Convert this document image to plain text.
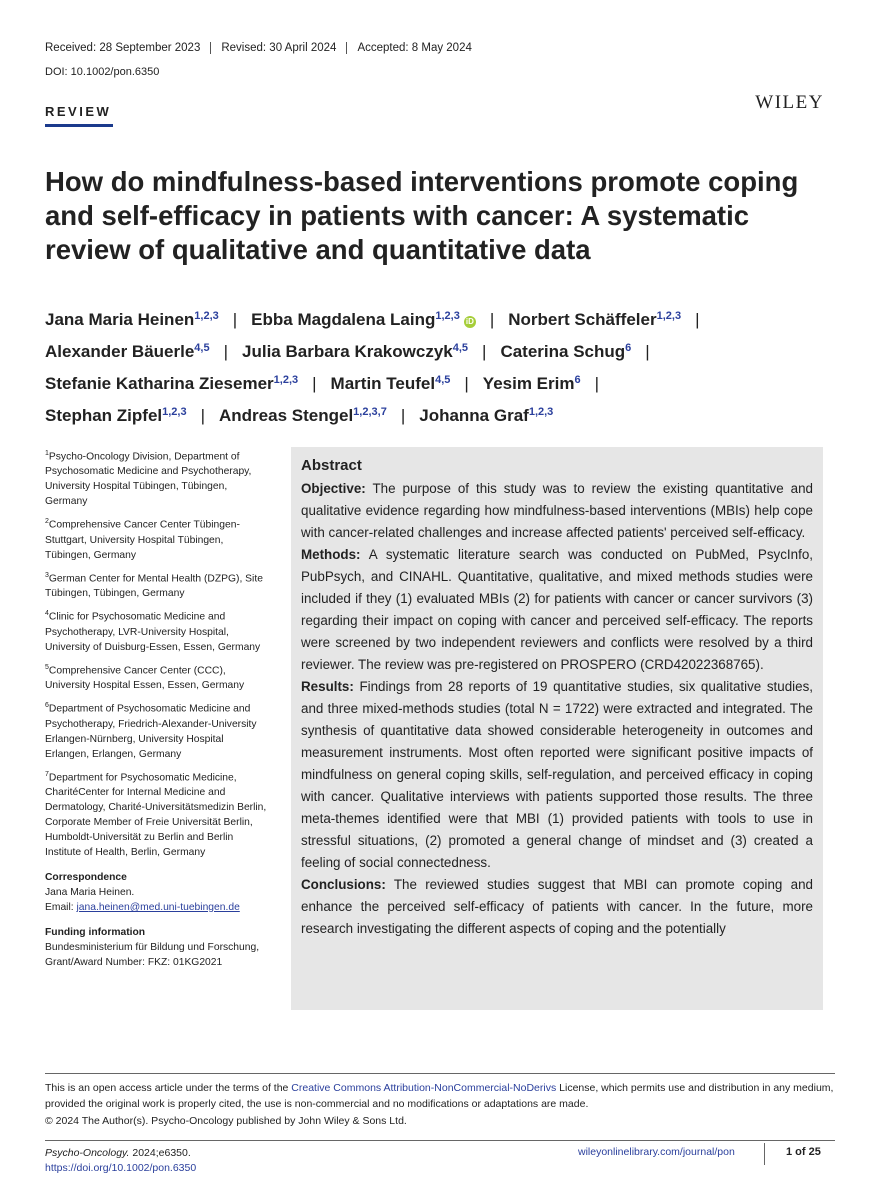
Received: 28 September 2023	Revised: 30 April 2024	Accepted: 8 May 2024
DOI: 10.1002/pon.6350
REVIEW	WILEY
How do mindfulness-based interventions promote coping and self-efficacy in patients with cancer: A systematic review of qualitative and quantitative data
Jana Maria Heinen$^{1,2,3}$ | Ebba Magdalena Laing$^{1,2,3}$ iD | Norbert Schäffeler$^{1,2,3}$ |
Alexander Bäuerle$^{4,5}$ | Julia Barbara Krakowczyk$^{4,5}$ | Caterina Schug$^6$ |
Stefanie Katharina Ziesemer$^{1,2,3}$ | Martin Teufel$^{4,5}$ | Yesim Erim$^6$ |
Stephan Zipfel$^{1,2,3}$ | Andreas Stengel$^{1,2,3,7}$ | Johanna Graf$^{1,2,3}$
$^1$Psycho-Oncology Division, Department of Psychosomatic Medicine and Psychotherapy, University Hospital Tübingen, Tübingen, Germany
$^2$Comprehensive Cancer Center Tübingen-Stuttgart, University Hospital Tübingen, Tübingen, Germany
$^3$German Center for Mental Health (DZPG), Site Tübingen, Tübingen, Germany
$^4$Clinic for Psychosomatic Medicine and Psychotherapy, LVR-University Hospital, University of Duisburg-Essen, Essen, Germany
$^5$Comprehensive Cancer Center (CCC), University Hospital Essen, Essen, Germany
$^6$Department of Psychosomatic Medicine and Psychotherapy, Friedrich-Alexander-University Erlangen-Nürnberg, University Hospital Erlangen, Erlangen, Germany
$^7$Department for Psychosomatic Medicine, CharitéCenter for Internal Medicine and Dermatology, Charité-Universitätsmedizin Berlin, Corporate Member of Freie Universität Berlin, Humboldt-Universität zu Berlin and Berlin Institute of Health, Berlin, Germany
Correspondence
Jana Maria Heinen.
Email: jana.heinen@med.uni-tuebingen.de
Funding information
Bundesministerium für Bildung und Forschung, Grant/Award Number: FKZ: 01KG2021
Abstract

Objective: The purpose of this study was to review the existing quantitative and qualitative evidence regarding how mindfulness-based interventions (MBIs) help cope with cancer-related challenges and increase affected patients' perceived self-efficacy.

Methods: A systematic literature search was conducted on PubMed, PsycInfo, PubPsych, and CINAHL. Quantitative, qualitative, and mixed methods studies were included if they (1) evaluated MBIs (2) for patients with cancer or cancer survivors (3) regarding their impact on coping with cancer and perceived self-efficacy. The reports were screened by two independent reviewers and conflicts were resolved by a third reviewer. The review was pre-registered on PROSPERO (CRD42022368765).

Results: Findings from 28 reports of 19 quantitative studies, six qualitative studies, and three mixed-methods studies (total N = 1722) were extracted and integrated. The synthesis of quantitative data showed considerable heterogeneity in outcomes and measurement instruments. Most often reported were significant positive impacts of mindfulness on general coping skills, self-regulation, and perceived efficacy in coping with cancer. Qualitative interviews with patients supported those results. The three meta-themes identified were that MBI (1) provided patients with tools to use in stressful situations, (2) promoted a general change of mindset and (3) created a feeling of social connectedness.

Conclusions: The reviewed studies suggest that MBI can promote coping and enhance the perceived self-efficacy of patients with cancer. In the future, more research investigating the different aspects of coping and the potentially

This is an open access article under the terms of the Creative Commons Attribution-NonCommercial-NoDerivs License, which permits use and distribution in any medium, provided the original work is properly cited, the use is non-commercial and no modifications or adaptations are made.
© 2024 The Author(s). Psycho-Oncology published by John Wiley & Sons Ltd.
Psycho-Oncology. 2024;e6350.
https://doi.org/10.1002/pon.6350
wileyonlinelibrary.com/journal/pon	1 of 25
